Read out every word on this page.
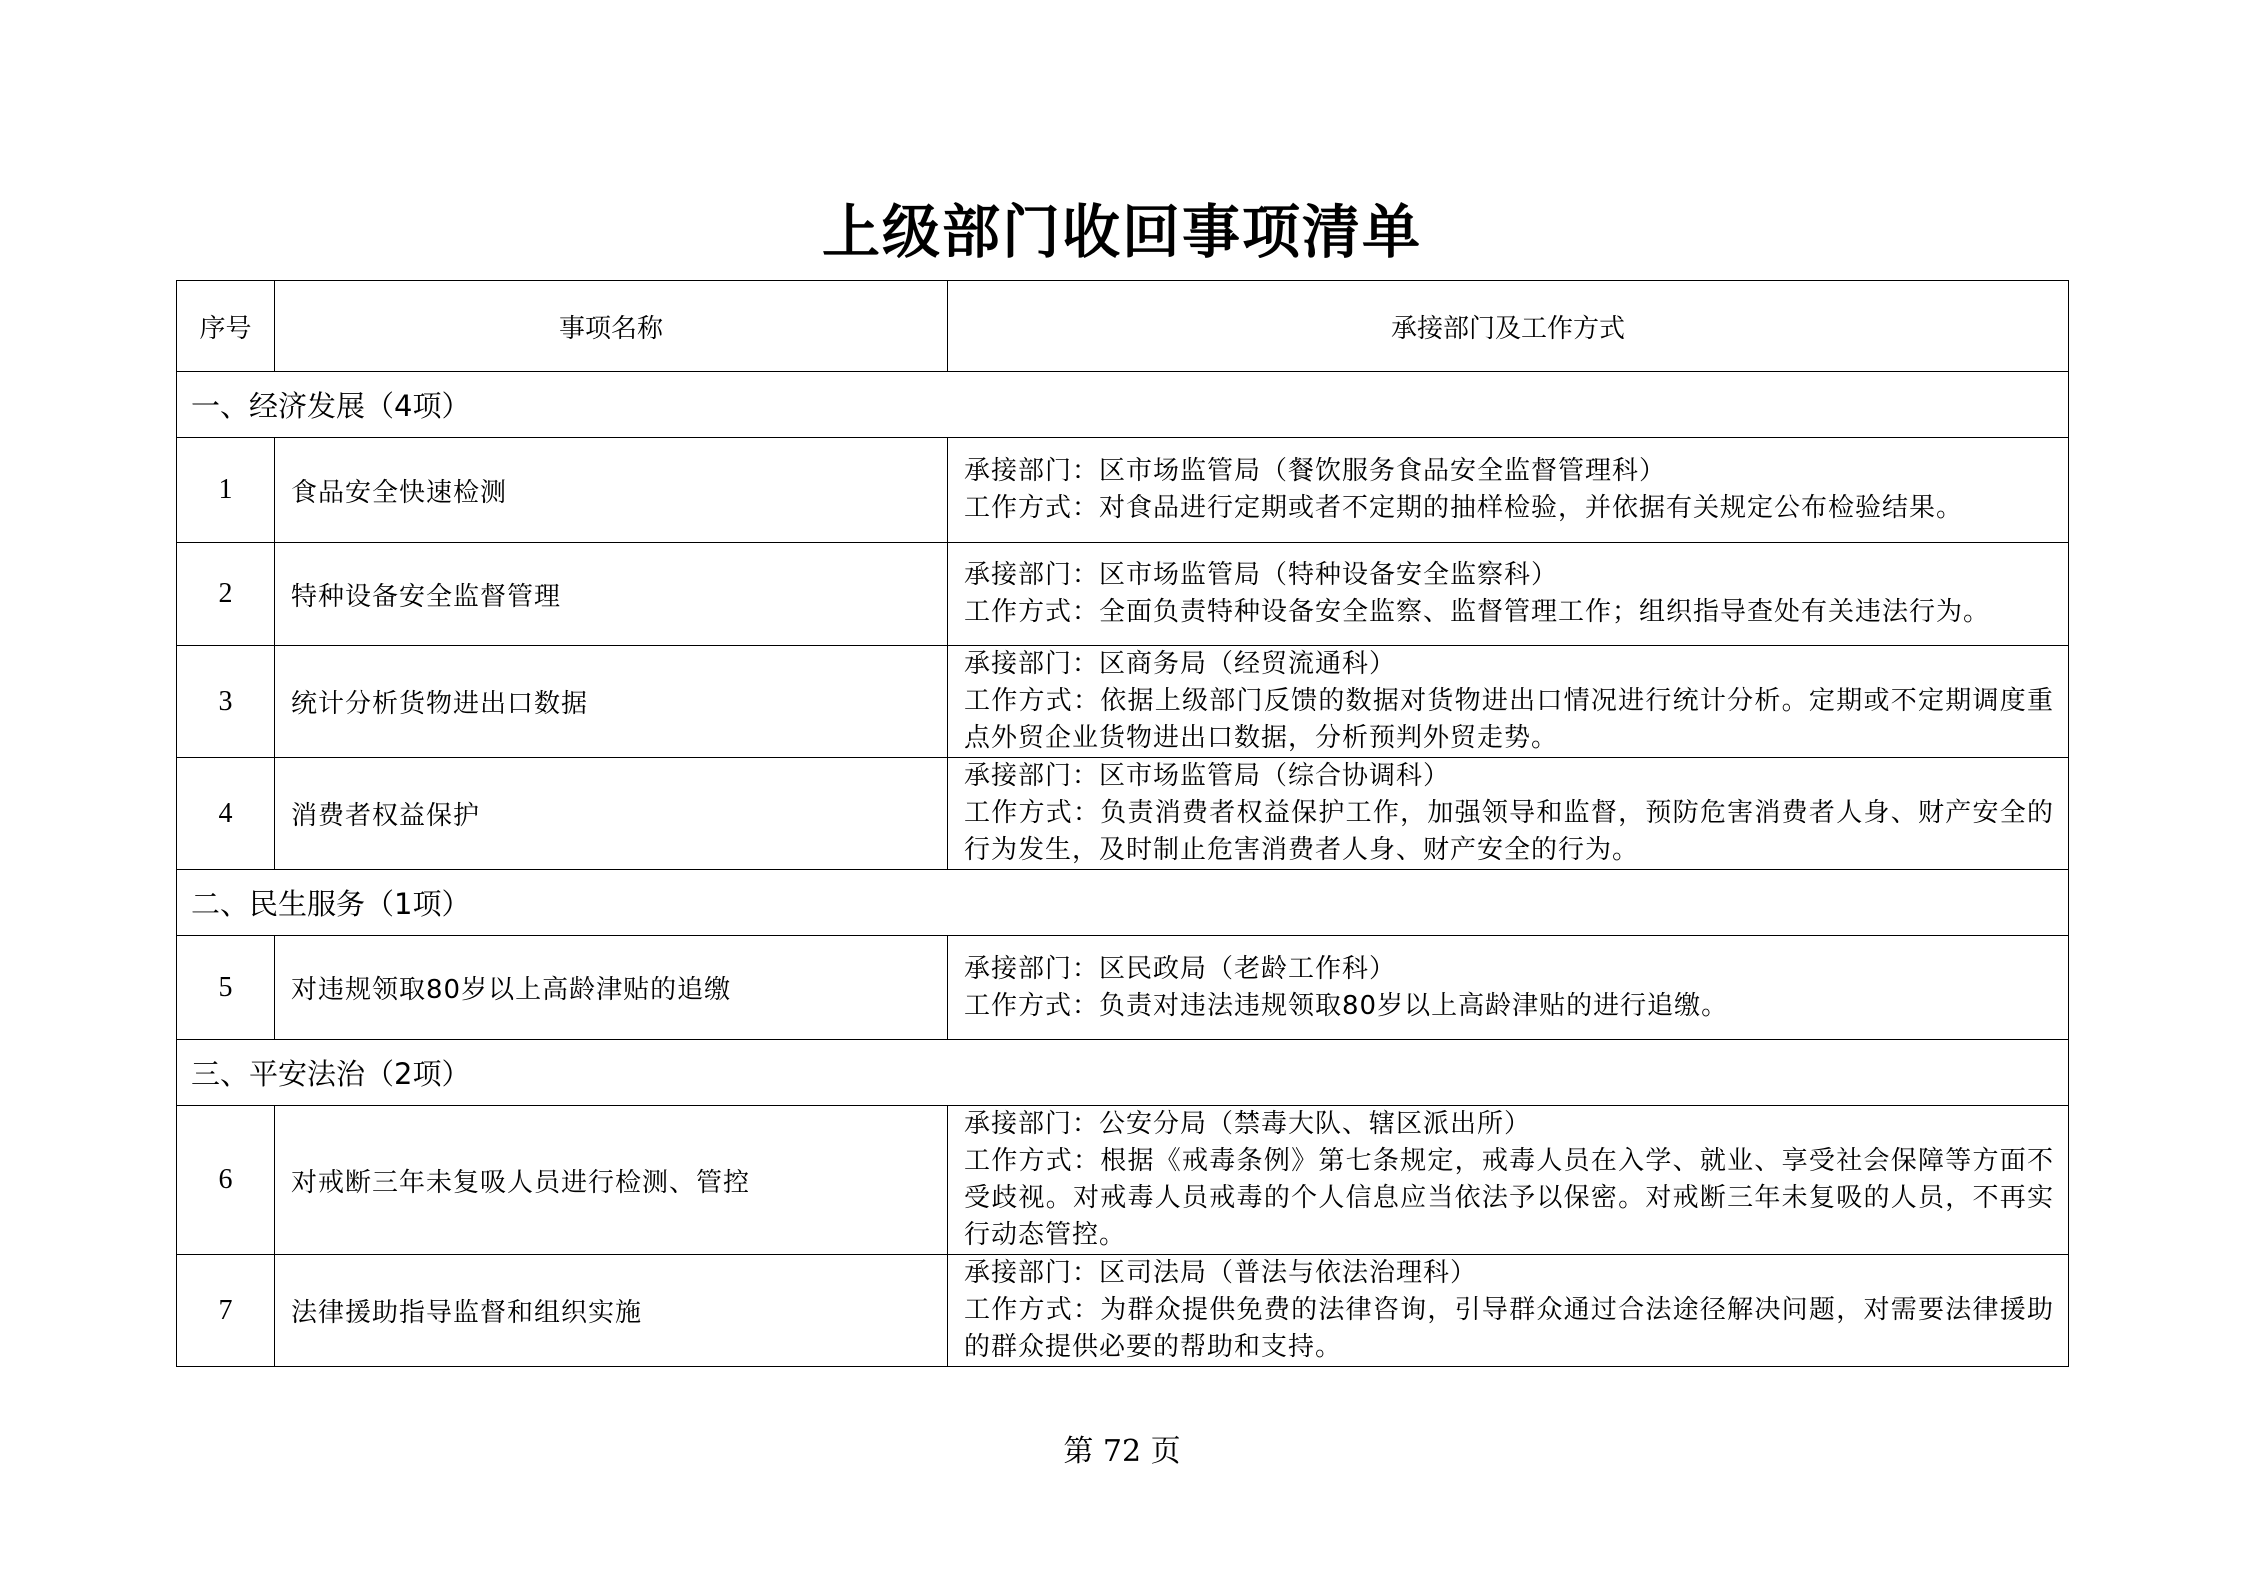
上级部门收回事项清单
序号	事项名称	承接部门及工作方式
一、经济发展（4项）		
1	食品安全快速检测	承接部门：区市场监管局（餐饮服务食品安全监督管理科）
工作方式：对食品进行定期或者不定期的抽样检验，并依据有关规定公布检验结果。

2	特种设备安全监督管理	承接部门：区市场监管局（特种设备安全监察科）
工作方式：全面负责特种设备安全监察、监督管理工作；组织指导查处有关违法行为。

3	统计分析货物进出口数据	承接部门：区商务局（经贸流通科）
工作方式：依据上级部门反馈的数据对货物进出口情况进行统计分析。定期或不定期调度重点外贸企业货物进出口数据，分析预判外贸走势。

4	消费者权益保护	承接部门：区市场监管局（综合协调科）
工作方式：负责消费者权益保护工作，加强领导和监督，预防危害消费者人身、财产安全的行为发生，及时制止危害消费者人身、财产安全的行为。

二、民生服务（1项）		
5	对违规领取80岁以上高龄津贴的追缴	承接部门：区民政局（老龄工作科）
工作方式：负责对违法违规领取80岁以上高龄津贴的进行追缴。

三、平安法治（2项）		
6	对戒断三年未复吸人员进行检测、管控	承接部门：公安分局（禁毒大队、辖区派出所）
工作方式：根据《戒毒条例》第七条规定，戒毒人员在入学、就业、享受社会保障等方面不受歧视。对戒毒人员戒毒的个人信息应当依法予以保密。对戒断三年未复吸的人员，不再实行动态管控。

7	法律援助指导监督和组织实施	承接部门：区司法局（普法与依法治理科）
工作方式：为群众提供免费的法律咨询，引导群众通过合法途径解决问题，对需要法律援助的群众提供必要的帮助和支持。
第 72 页
